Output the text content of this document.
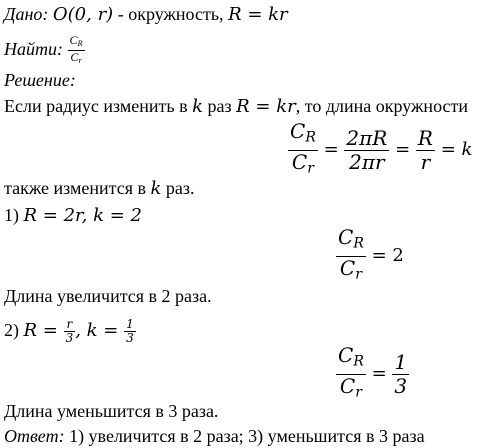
Дано: O(0, r) - окружность, R = kr
Найти: $\frac{C_R}{C_r}$
Решение:
Если радиус изменить в k раз R = kr, то длина окружности
$\frac{C_R}{C_r} = \frac{2\pi R}{2\pi r} = \frac{R}{r} = k$
также изменится в k раз.
1) R = 2r, k = 2
$\frac{C_R}{C_r} = 2$
Длина увеличится в 2 раза.
2) $R = \frac{r}{3}$ , $k = \frac{1}{3}$
$\frac{C_R}{C_r} = \frac{1}{3}$
Длина уменьшится в 3 раза.
Ответ: 1) увеличится в 2 раза; 3) уменьшится в 3 раза
